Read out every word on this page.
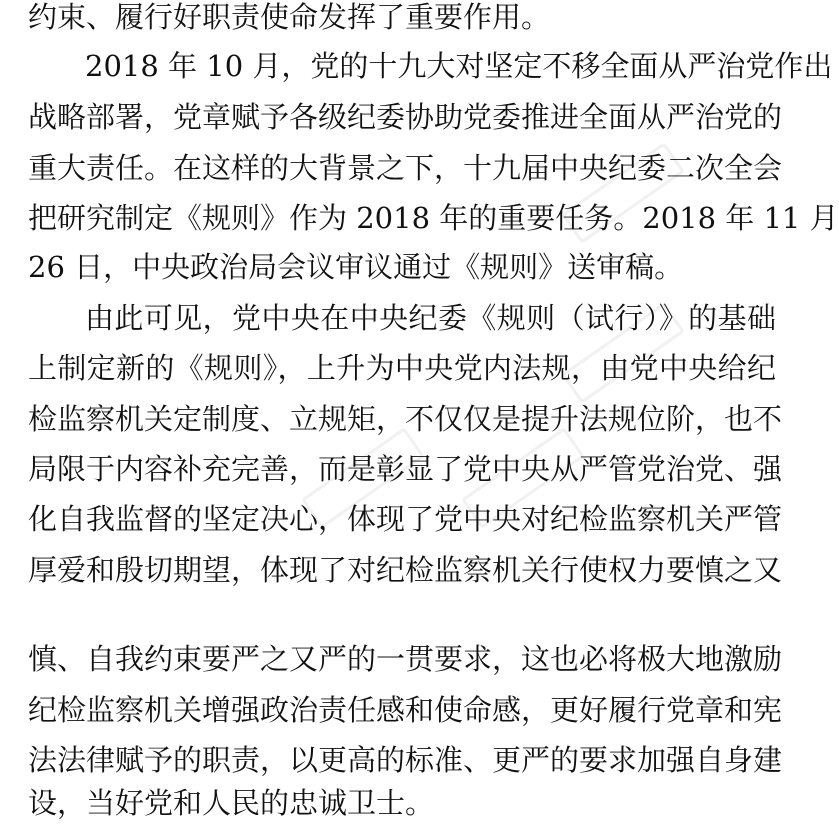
约束、履行好职责使命发挥了重要作用。
2018 年 10 月，党的十九大对坚定不移全面从严治党作出
战略部署，党章赋予各级纪委协助党委推进全面从严治党的
重大责任。在这样的大背景之下，十九届中央纪委二次全会
把研究制定《规则》作为 2018 年的重要任务。2018 年 11 月
26 日，中央政治局会议审议通过《规则》送审稿。
由此可见，党中央在中央纪委《规则（试行）》的基础
上制定新的《规则》，上升为中央党内法规，由党中央给纪
检监察机关定制度、立规矩，不仅仅是提升法规位阶，也不
局限于内容补充完善，而是彰显了党中央从严管党治党、强
化自我监督的坚定决心，体现了党中央对纪检监察机关严管
厚爱和殷切期望，体现了对纪检监察机关行使权力要慎之又
慎、自我约束要严之又严的一贯要求，这也必将极大地激励
纪检监察机关增强政治责任感和使命感，更好履行党章和宪
法法律赋予的职责，以更高的标准、更严的要求加强自身建
设，当好党和人民的忠诚卫士。
